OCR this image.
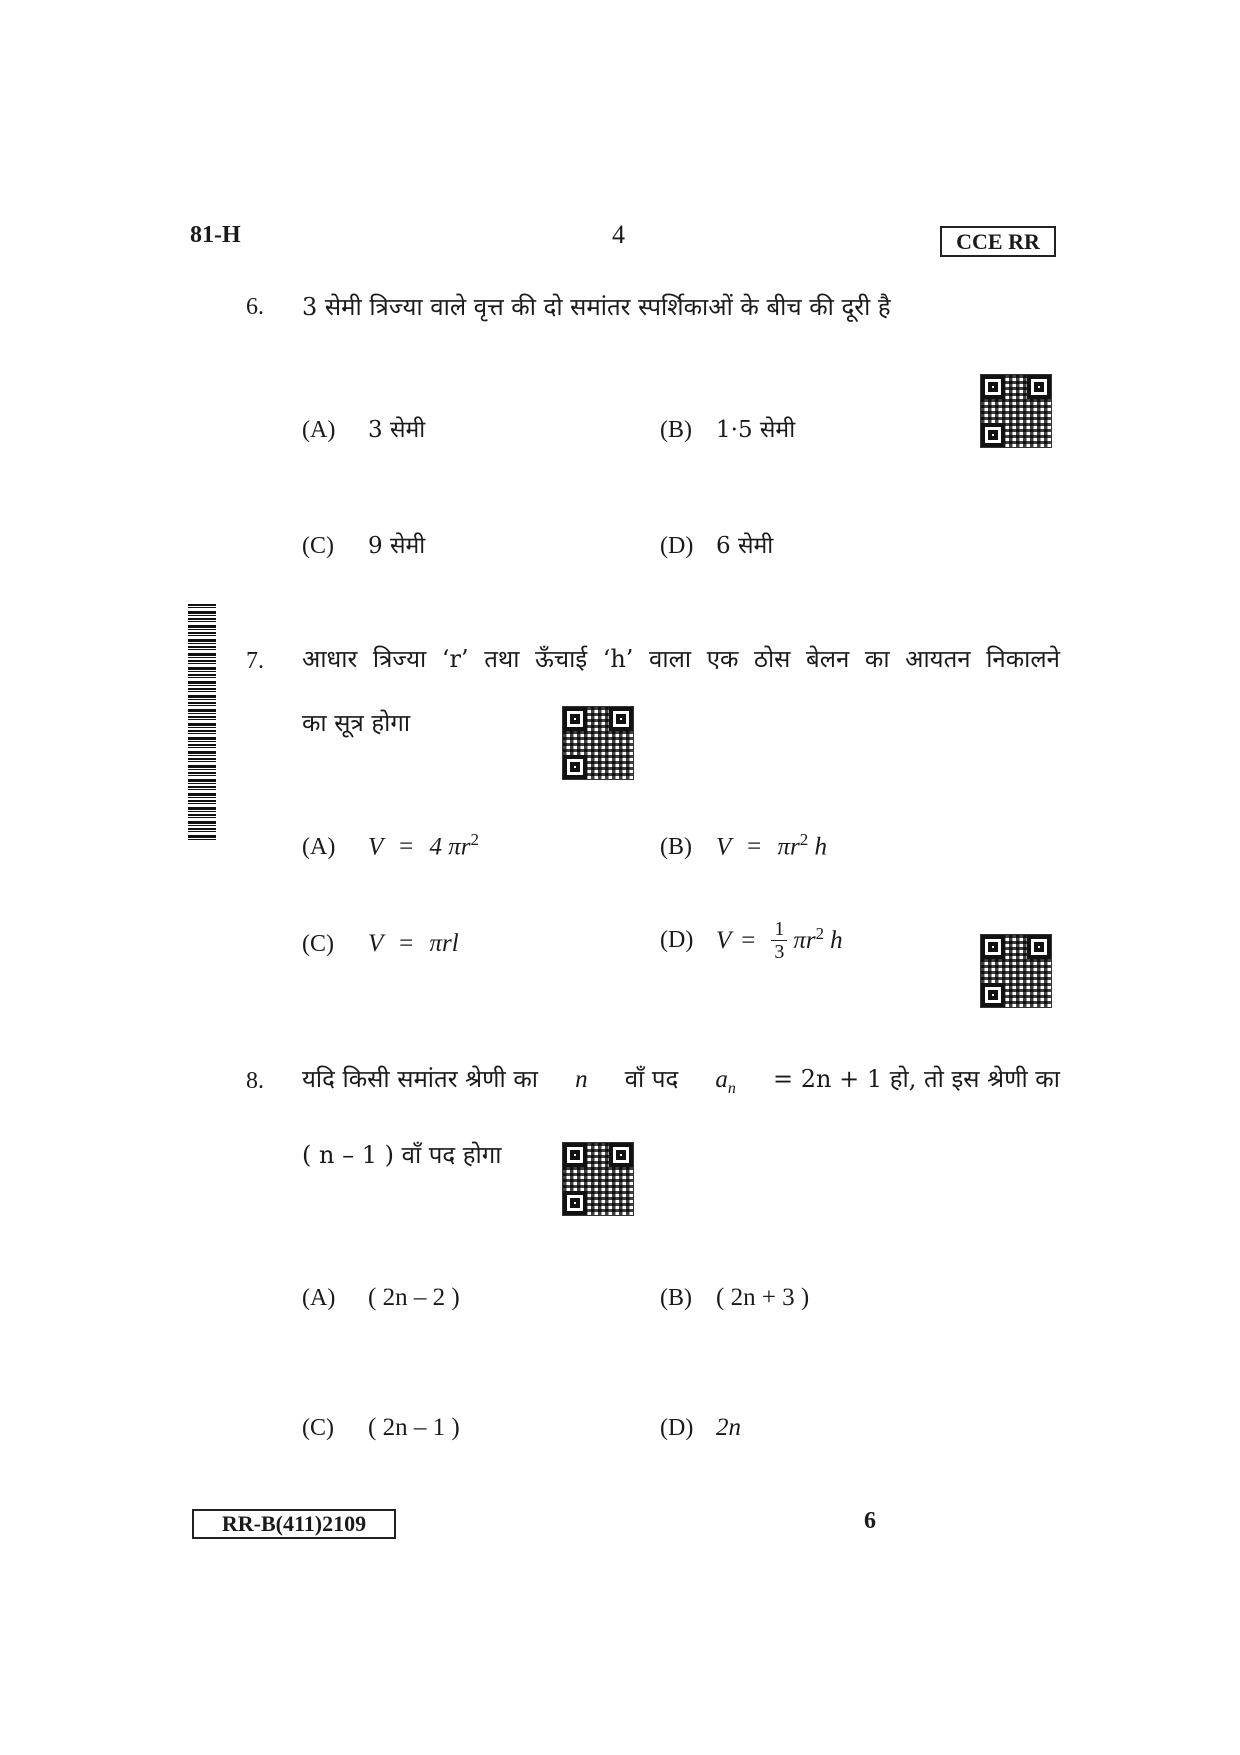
81-H	4	CCE RR
6. 3 सेमी त्रिज्या वाले वृत्त की दो समांतर स्पर्शिकाओं के बीच की दूरी है
(A)	3 सेमी	(B)	1·5 सेमी
(C)	9 सेमी	(D) 6 सेमी
7. आधार त्रिज्या ‘r’ तथा ऊँचाई ‘h’ वाला एक ठोस बेलन का आयतन निकालने
का सूत्र होगा
(A)	V = 4 $\pi r^2$	(B) $V = \pi r^2$ h
(C)	V = πrl	(D) $V = \frac{1}{3} \pi r^2$ h
8. यदि किसी समांतर श्रेणी का n वाँ पद $a_n = 2n + 1$ हो, तो इस श्रेणी का
( n – 1 ) वाँ पद होगा
(A)	( 2n – 2 )	(B) ( 2n + 3 )
(C)	( 2n – 1 )	(D) 2n
RR-B(411)2109	6
